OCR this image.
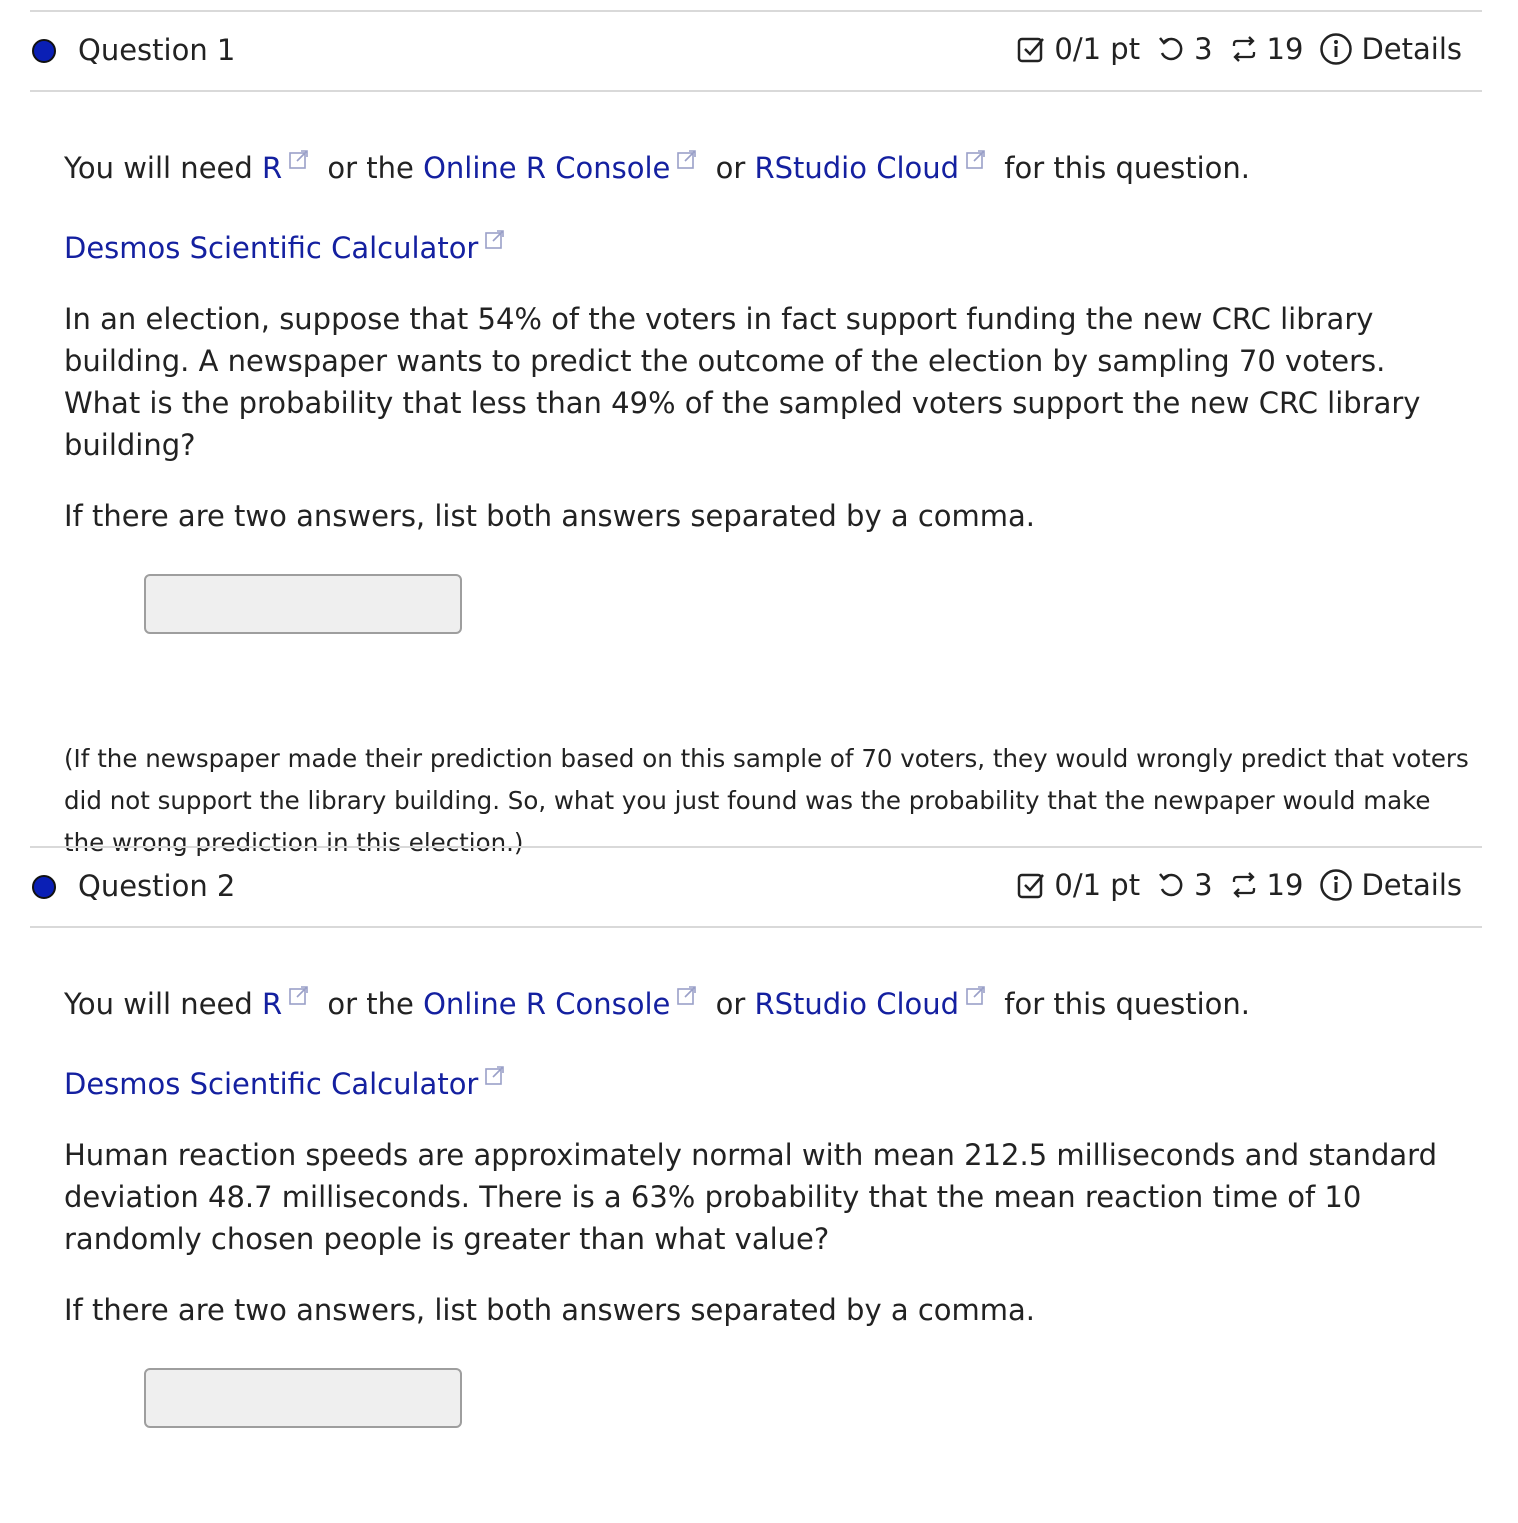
Question 1	0/1 pt 3 19 Details
You will need R or the Online R Console or RStudio Cloud for this question.
Desmos Scientific Calculator
In an election, suppose that 54% of the voters in fact support funding the new CRC library building. A newspaper wants to predict the outcome of the election by sampling 70 voters. What is the probability that less than 49% of the sampled voters support the new CRC library building?
If there are two answers, list both answers separated by a comma.
(If the newspaper made their prediction based on this sample of 70 voters, they would wrongly predict that voters did not support the library building. So, what you just found was the probability that the newpaper would make the wrong prediction in this election.)
Question 2	0/1 pt 3 19 Details
You will need R or the Online R Console or RStudio Cloud for this question.
Desmos Scientific Calculator
Human reaction speeds are approximately normal with mean 212.5 milliseconds and standard deviation 48.7 milliseconds. There is a 63% probability that the mean reaction time of 10 randomly chosen people is greater than what value?
If there are two answers, list both answers separated by a comma.
